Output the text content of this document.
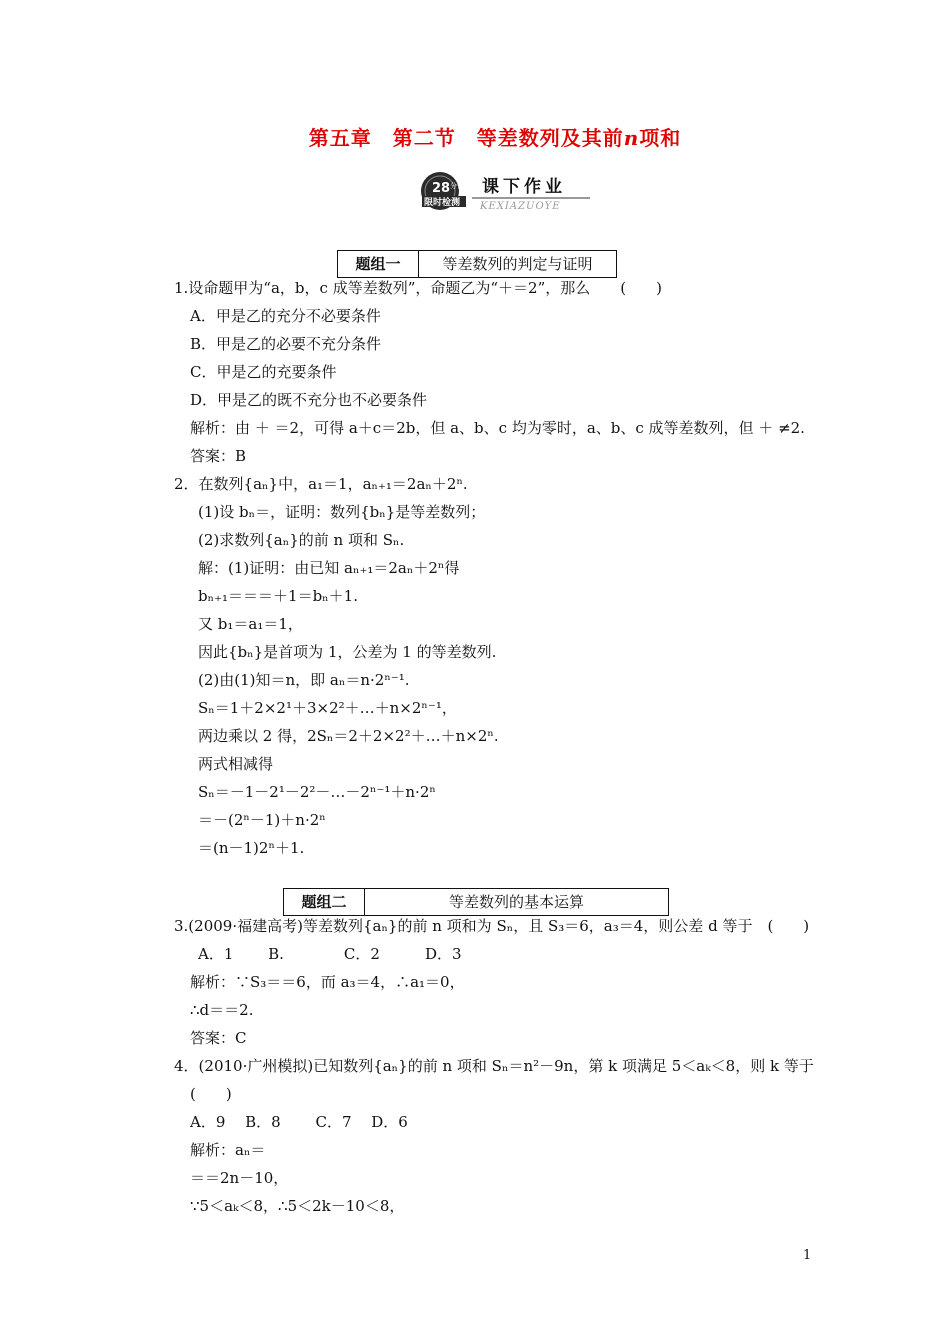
第五章　第二节　等差数列及其前n项和
28 分钟
限时检测
课下作业
KEXIAZUOYE
题组一	等差数列的判定与证明
1.设命题甲为“a，b，c 成等差数列”，命题乙为“＋＝2”，那么　　(　　)
A．甲是乙的充分不必要条件
B．甲是乙的必要不充分条件
C．甲是乙的充要条件
D．甲是乙的既不充分也不必要条件
解析：由 ＋ ＝2，可得 a＋c＝2b，但 a、b、c 均为零时，a、b、c 成等差数列，但 ＋ ≠2.
答案：B
2．在数列{aₙ}中，a₁＝1，aₙ₊₁＝2aₙ＋2ⁿ.
(1)设 bₙ＝，证明：数列{bₙ}是等差数列；
(2)求数列{aₙ}的前 n 项和 Sₙ.
解：(1)证明：由已知 aₙ₊₁＝2aₙ＋2ⁿ得
bₙ₊₁＝＝＝＋1＝bₙ＋1.
又 b₁＝a₁＝1，
因此{bₙ}是首项为 1，公差为 1 的等差数列.
(2)由(1)知＝n，即 aₙ＝n·2ⁿ⁻¹.
Sₙ＝1＋2×2¹＋3×2²＋…＋n×2ⁿ⁻¹，
两边乘以 2 得，2Sₙ＝2＋2×2²＋…＋n×2ⁿ.
两式相减得
Sₙ＝－1－2¹－2²－…－2ⁿ⁻¹＋n·2ⁿ
＝－(2ⁿ－1)＋n·2ⁿ
＝(n－1)2ⁿ＋1.
题组二	等差数列的基本运算
3.(2009·福建高考)等差数列{aₙ}的前 n 项和为 Sₙ，且 S₃＝6，a₃＝4，则公差 d 等于　(　　)
A．1　　 B.　　　　C．2　　　D．3
解析：∵S₃＝＝6，而 a₃＝4，∴a₁＝0，
∴d＝＝2.
答案：C
4．(2010·广州模拟)已知数列{aₙ}的前 n 项和 Sₙ＝n²－9n，第 k 项满足 5＜aₖ＜8，则 k 等于
(　　)
A．9　 B．8　　 C．7　 D．6
解析：aₙ＝
＝＝2n－10，
∵5＜aₖ＜8，∴5＜2k－10＜8，
1
